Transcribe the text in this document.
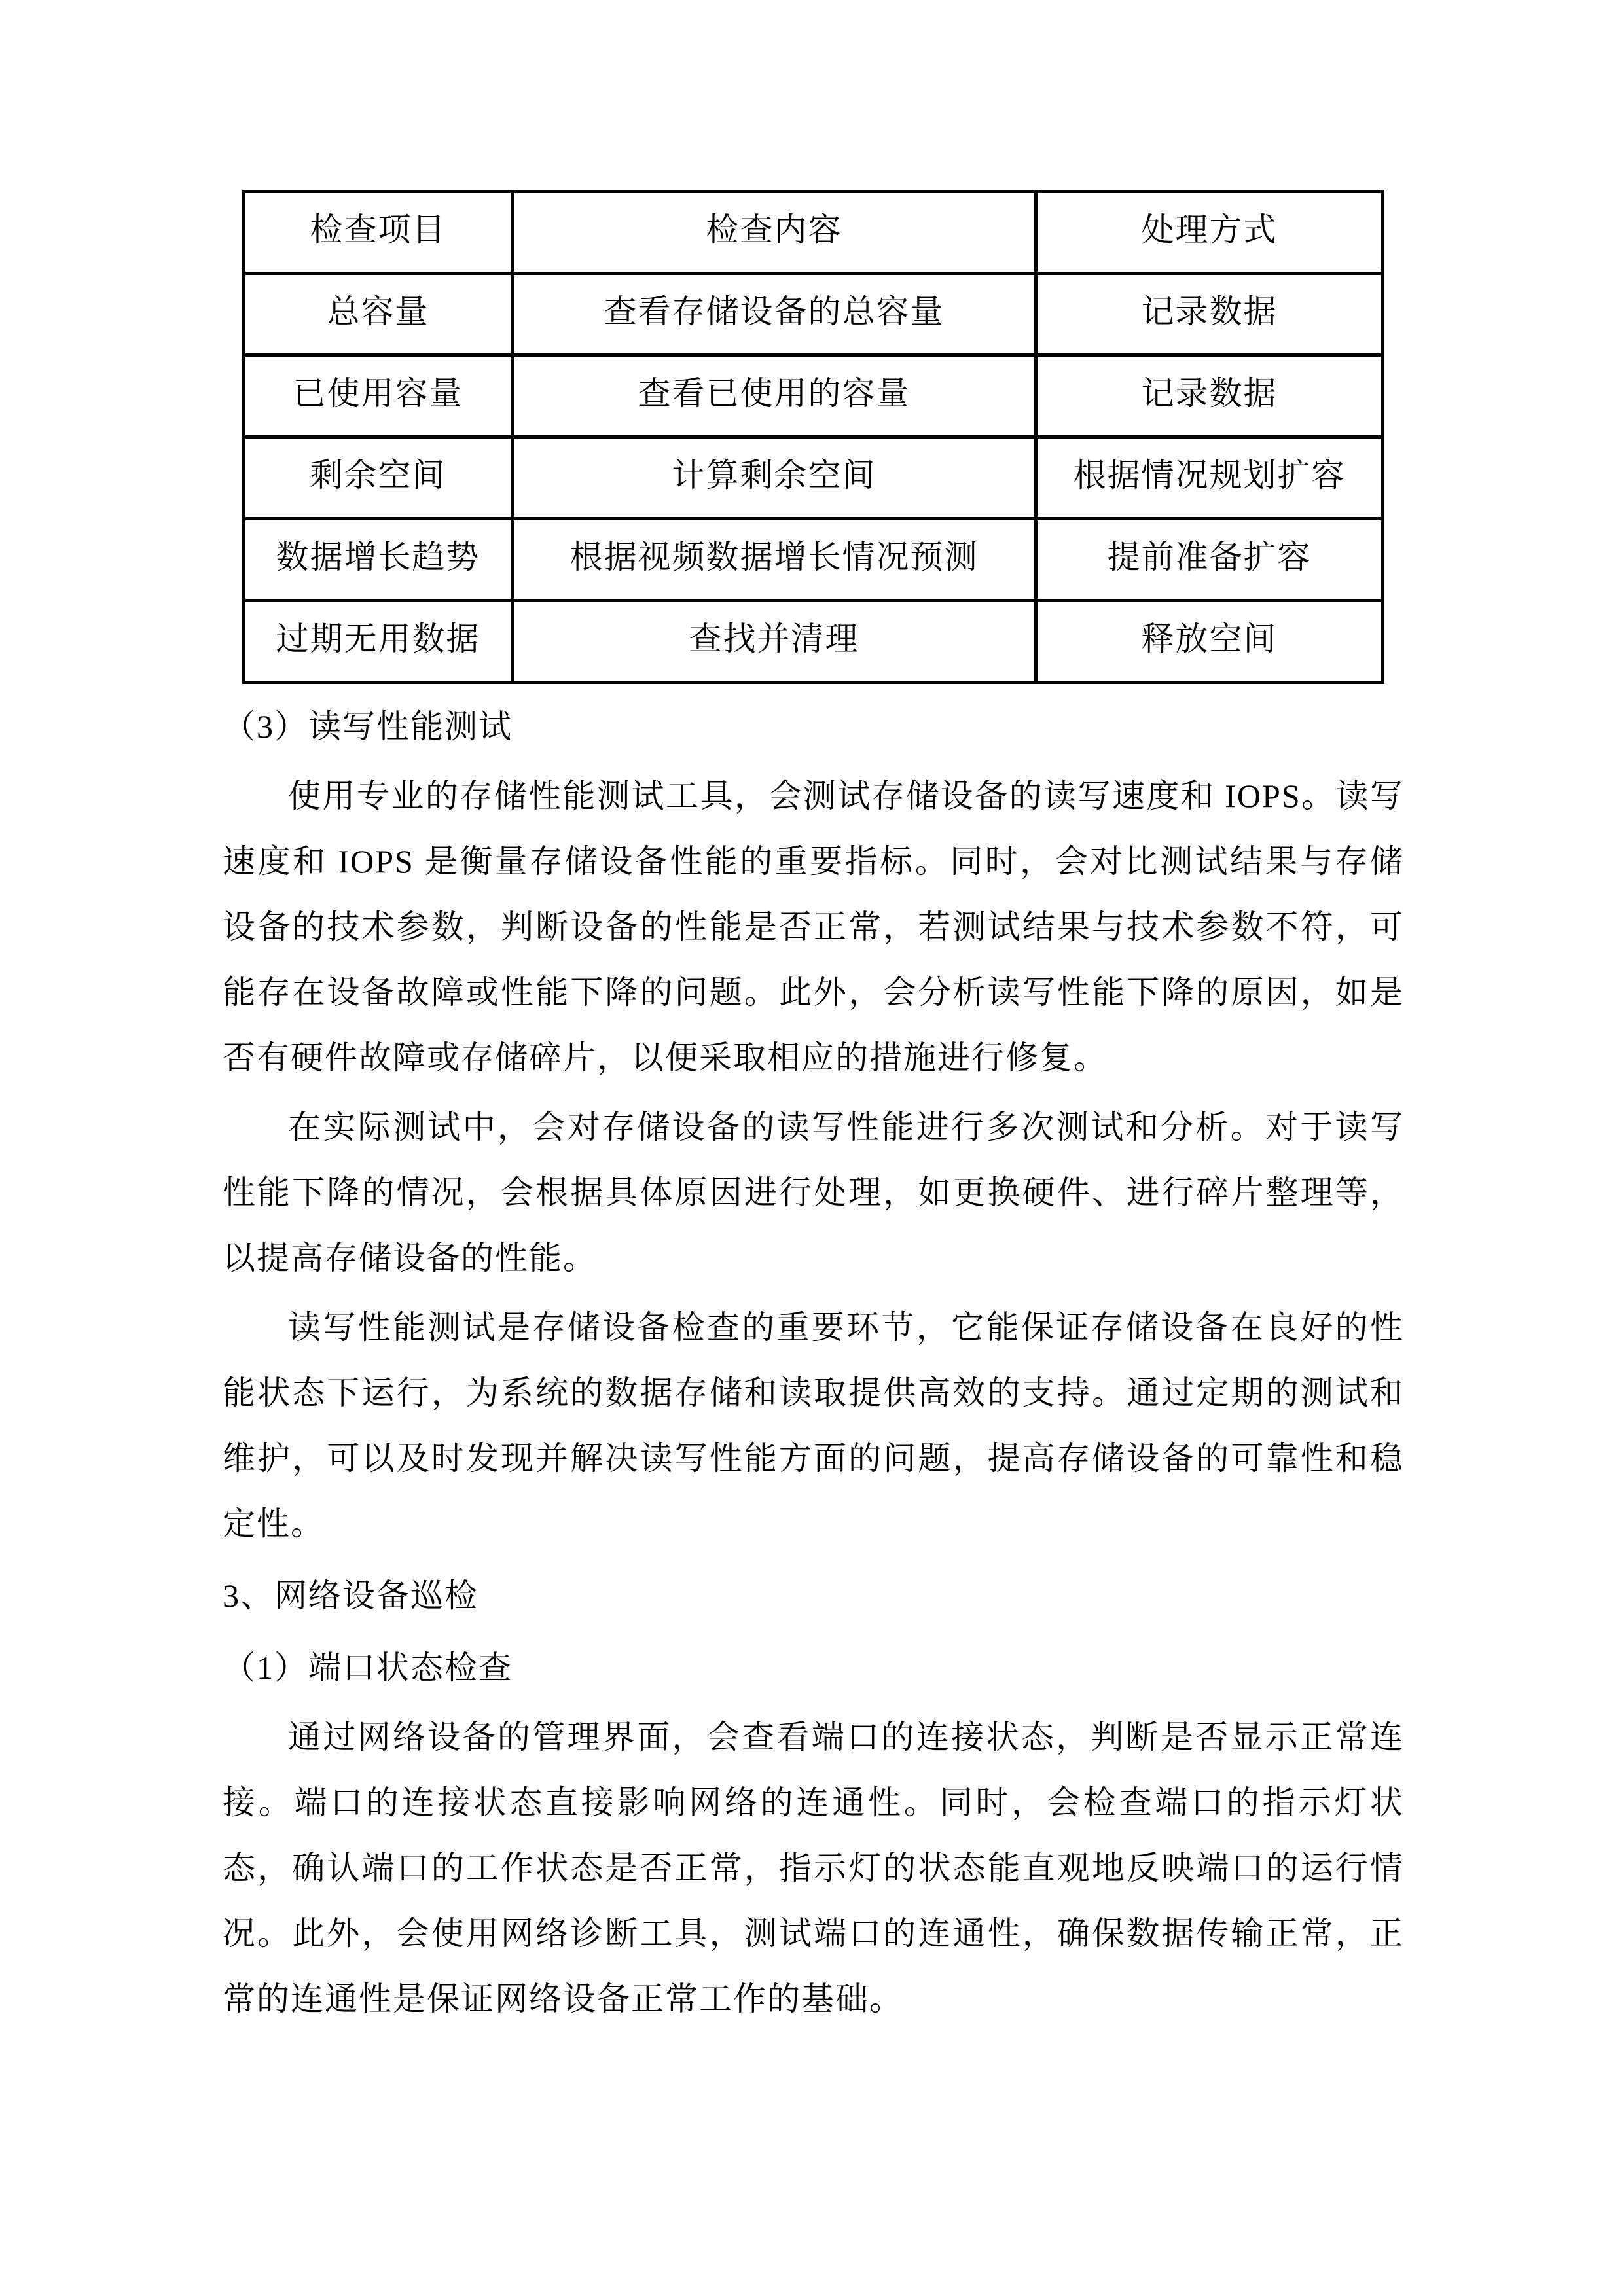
检查项目	检查内容	处理方式
总容量	查看存储设备的总容量	记录数据
已使用容量	查看已使用的容量	记录数据
剩余空间	计算剩余空间	根据情况规划扩容
数据增长趋势	根据视频数据增长情况预测	提前准备扩容
过期无用数据	查找并清理	释放空间

（3）读写性能测试

使用专业的存储性能测试工具，会测试存储设备的读写速度和 IOPS。读写速度和 IOPS 是衡量存储设备性能的重要指标。同时，会对比测试结果与存储设备的技术参数，判断设备的性能是否正常，若测试结果与技术参数不符，可能存在设备故障或性能下降的问题。此外，会分析读写性能下降的原因，如是否有硬件故障或存储碎片，以便采取相应的措施进行修复。

在实际测试中，会对存储设备的读写性能进行多次测试和分析。对于读写性能下降的情况，会根据具体原因进行处理，如更换硬件、进行碎片整理等，以提高存储设备的性能。

读写性能测试是存储设备检查的重要环节，它能保证存储设备在良好的性能状态下运行，为系统的数据存储和读取提供高效的支持。通过定期的测试和维护，可以及时发现并解决读写性能方面的问题，提高存储设备的可靠性和稳定性。

3、网络设备巡检

（1）端口状态检查

通过网络设备的管理界面，会查看端口的连接状态，判断是否显示正常连接。端口的连接状态直接影响网络的连通性。同时，会检查端口的指示灯状态，确认端口的工作状态是否正常，指示灯的状态能直观地反映端口的运行情况。此外，会使用网络诊断工具，测试端口的连通性，确保数据传输正常，正常的连通性是保证网络设备正常工作的基础。
